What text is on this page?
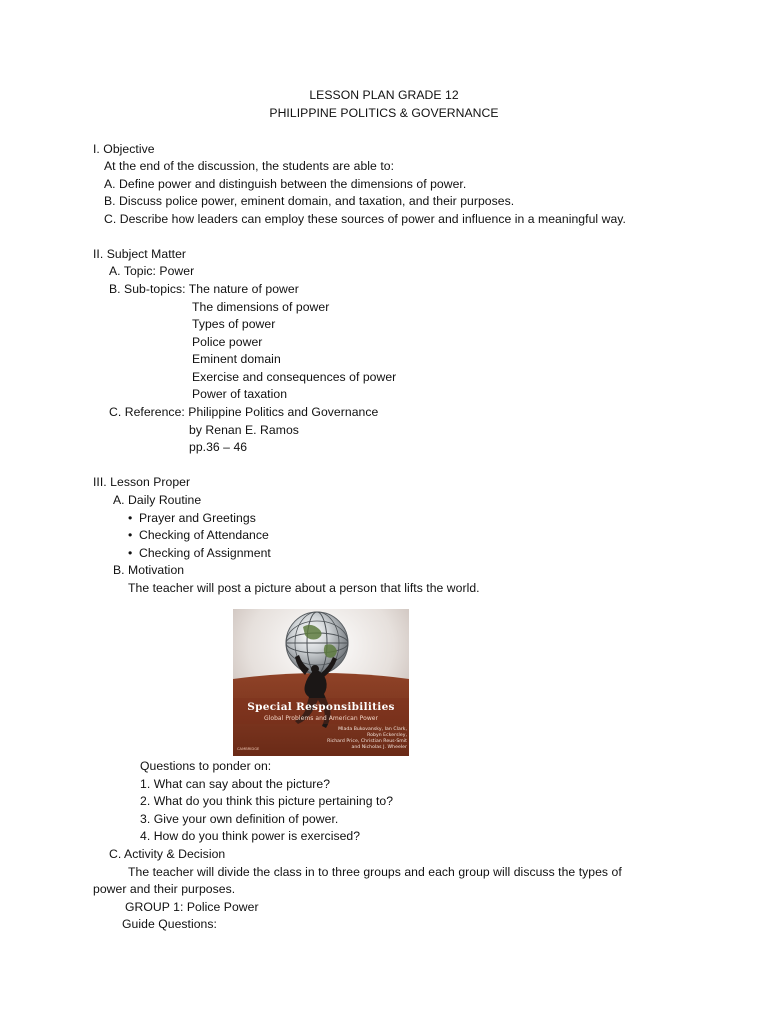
LESSON PLAN GRADE 12
PHILIPPINE POLITICS & GOVERNANCE
I. Objective
At the end of the discussion, the students are able to:
A. Define power and distinguish between the dimensions of power.
B. Discuss police power, eminent domain, and taxation, and their purposes.
C. Describe how leaders can employ these sources of power and influence in a meaningful way.
II. Subject Matter
A. Topic: Power
B. Sub-topics: The nature of power
The dimensions of power
Types of power
Police power
Eminent domain
Exercise and consequences of power
Power of taxation
C. Reference: Philippine Politics and Governance
by Renan E. Ramos
pp.36 – 46
III. Lesson Proper
A. Daily Routine
• Prayer and Greetings
• Checking of Attendance
• Checking of Assignment
B. Motivation
The teacher will post a picture about a person that lifts the world.
Special Responsibilities
Global Problems and American Power
Mlada Bukovansky, Ian Clark,
Robyn Eckersley,
Richard Price, Christian Reus-Smit
and Nicholas J. Wheeler
CAMBRIDGE
Questions to ponder on:
1. What can say about the picture?
2. What do you think this picture pertaining to?
3. Give your own definition of power.
4. How do you think power is exercised?
C. Activity & Decision
The teacher will divide the class in to three groups and each group will discuss the types of
power and their purposes.
GROUP 1: Police Power
Guide Questions:
